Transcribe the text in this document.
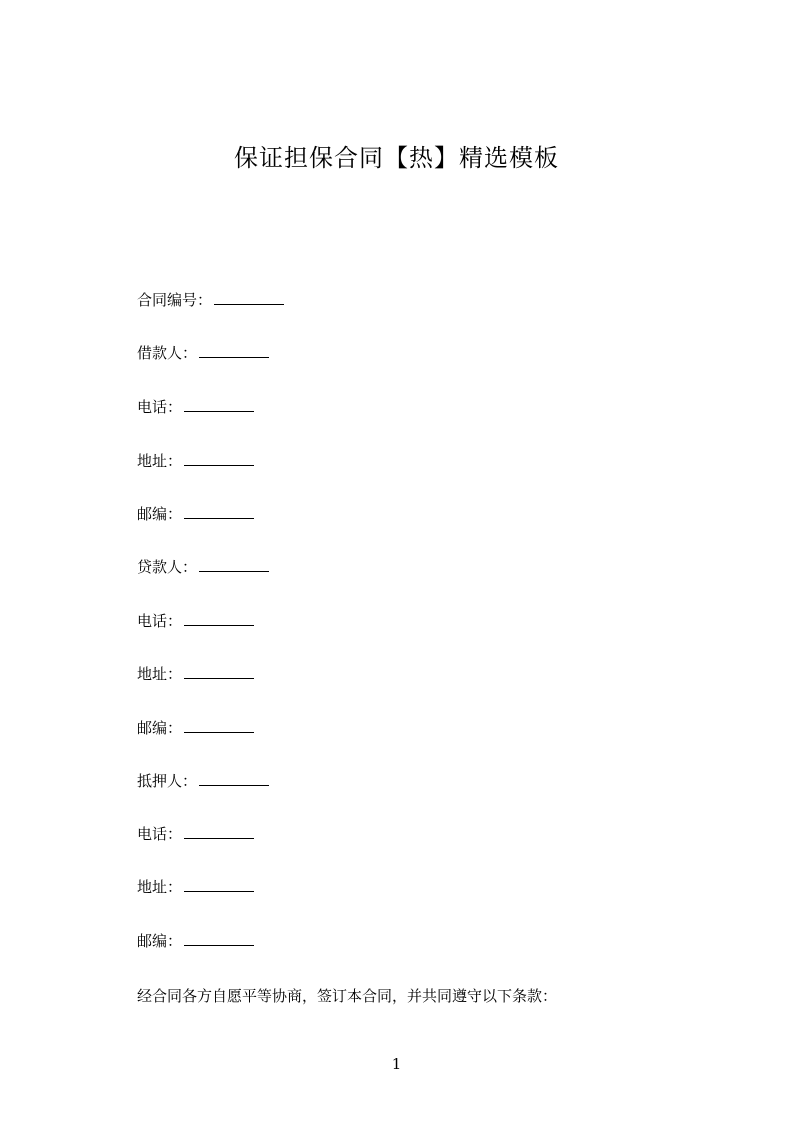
保证担保合同【热】精选模板
合同编号：
借款人：
电话：
地址：
邮编：
贷款人：
电话：
地址：
邮编：
抵押人：
电话：
地址：
邮编：
经合同各方自愿平等协商，签订本合同，并共同遵守以下条款：
1
